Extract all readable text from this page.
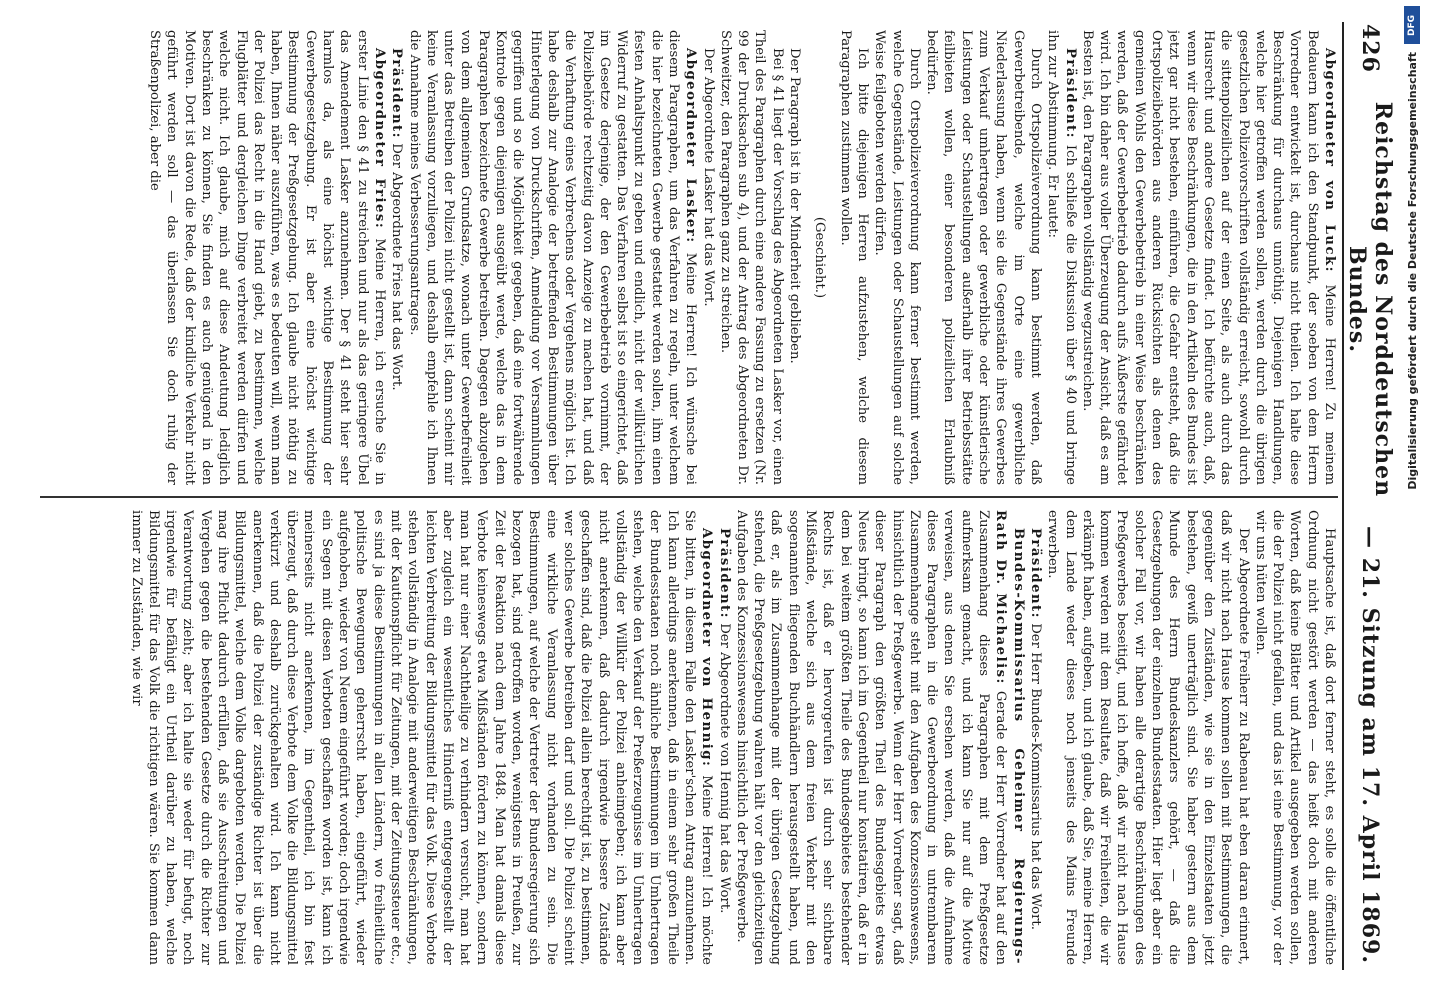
426
Reichstag des Norddeutschen Bundes.
— 21. Sitzung am 17. April 1869.

Abgeordneter von Luck: Meine Herren! Zu meinem Bedauern kann ich den Standpunkt, der soeben von dem Herrn Vorredner entwickelt ist, durchaus nicht theilen. Ich halte diese Beschränkung für durchaus unnöthig. Diejenigen Handlungen, welche hier getroffen werden sollen, werden durch die übrigen gesetzlichen Polizeivorschriften vollständig erreicht, sowohl durch die sittenpolizeilichen auf der einen Seite, als auch durch das Hausrecht und andere Gesetze findet. Ich befürchte auch, daß, wenn wir diese Beschränkungen, die in den Artikeln des Bundes ist jetzt gar nicht bestehen, einführen, die Gefahr entsteht, daß die Ortspolizeibehörden aus anderen Rücksichten als denen des gemeinen Wohls den Gewerbebetrieb in einer Weise beschränken werden, daß der Gewerbebetrieb dadurch aufs Äußerste gefährdet wird. Ich bin daher aus voller Überzeugung der Ansicht, daß es am Besten ist, den Paragraphen vollständig wegzustreichen.

Präsident: Ich schließe die Diskussion über § 40 und bringe ihn zur Abstimmung. Er lautet:

Durch Ortspolizeiverordnung kann bestimmt werden, daß Gewerbetreibende, welche im Orte eine gewerbliche Niederlassung haben, wenn sie die Gegenstände ihres Gewerbes zum Verkauf umhertragen oder gewerbliche oder künstlerische Leistungen oder Schaustellungen außerhalb ihrer Betriebsstätte feilbieten wollen, einer besonderen polizeilichen Erlaubniß bedürfen.

Durch Ortspolizeiverordnung kann ferner bestimmt werden, welche Gegenstände, Leistungen oder Schaustellungen auf solche Weise feilgeboten werden dürfen.

Ich bitte diejenigen Herren aufzustehen, welche diesem Paragraphen zustimmen wollen.

(Geschieht.)

Der Paragraph ist in der Minderheit geblieben.

Bei § 41 liegt der Vorschlag des Abgeordneten Lasker vor, einen Theil des Paragraphen durch eine andere Fassung zu ersetzen (Nr. 99 der Drucksachen sub 4), und der Antrag des Abgeordneten Dr. Schweitzer, den Paragraphen ganz zu streichen.

Der Abgeordnete Lasker hat das Wort.

Abgeordneter Lasker: Meine Herren! Ich wünsche bei diesem Paragraphen, um das Verfahren zu regeln, unter welchem die hier bezeichneten Gewerbe gestattet werden sollen, ihm einen festen Anhaltspunkt zu geben und endlich, nicht der willkürlichen Widerruf zu gestatten. Das Verfahren selbst ist so eingerichtet, daß im Gesetze derjenige, der den Gewerbebetrieb vornimmt, der Polizeibehörde rechtzeitig davon Anzeige zu machen hat, und daß die Verhaftung eines Verbrechens oder Vergehens möglich ist. Ich habe deshalb zur Analogie der betreffenden Bestimmungen über Hinterlegung von Druckschriften, Anmeldung vor Versammlungen gegriffen und so die Möglichkeit gegeben, daß eine fortwährende Kontrole gegen diejenigen ausgeübt werde, welche das in dem Paragraphen bezeichnete Gewerbe betreiben. Dagegen abzugehen von dem allgemeinen Grundsatze, wonach unter Gewerbefreiheit unter das Betreiben der Polizei nicht gestellt ist, dann scheint mir keine Veranlassung vorzuliegen, und deshalb empfehle ich Ihnen die Annahme meines Verbesserungsantrages.

Präsident: Der Abgeordnete Fries hat das Wort.

Abgeordneter Fries: Meine Herren, ich ersuche Sie in erster Linie den § 41 zu streichen und nur als das geringere Übel das Amendement Lasker anzunehmen. Der § 41 steht hier sehr harmlos da, als eine höchst wichtige Bestimmung der Gewerbegesetzgebung. Er ist aber eine höchst wichtige Bestimmung der Preßgesetzgebung. Ich glaube nicht nöthig zu haben, Ihnen näher auszuführen, was es bedeuten will, wenn man der Polizei das Recht in die Hand giebt, zu bestimmen, welche Flugblätter und dergleichen Dinge verbreitet werden dürfen und welche nicht. Ich glaube, mich auf diese Andeutung lediglich beschränken zu können, Sie finden es auch genügend in den Motiven. Dort ist davon die Rede, daß der kindliche Verkehr nicht geführt werden soll — das überlassen Sie doch ruhig der Straßenpolizei, aber die

Hauptsache ist, daß dort ferner steht, es solle die öffentliche Ordnung nicht gestört werden — das heißt doch mit anderen Worten, daß keine Blätter und Artikel ausgegeben werden sollen, die der Polizei nicht gefallen, und das ist eine Bestimmung, vor der wir uns hüten wollen.

Der Abgeordnete Freiherr zu Rabenau hat eben daran erinnert, daß wir nicht nach Hause kommen sollen mit Bestimmungen, die gegenüber den Zuständen, wie sie in den Einzelstaaten jetzt bestehen, gewiß unerträglich sind. Sie haber gestern aus dem Munde des Herrn Bundeskanzlers gehört, — daß die Gesetzgebungen der einzelnen Bundesstaaten. Hier liegt aber ein solcher Fall vor, wir haben alle derartige Beschränkungen des Preßgewerbes beseitigt, und ich hoffe, daß wir nicht nach Hause kommen werden mit dem Resultate, daß wir Freiheiten, die wir erkämpft haben, aufgeben, und ich glaube, daß Sie, meine Herren, dem Lande weder dieses noch jenseits des Mains Freunde erwerben.

Präsident: Der Herr Bundes-Kommissarius hat das Wort.

Bundes-Kommissarius Geheimer Regierungs-Rath Dr. Michaelis: Gerade der Herr Vorredner hat auf den Zusammenhang dieses Paragraphen mit dem Preßgesetze aufmerksam gemacht, und ich kann Sie nur auf die Motive verweisen, aus denen Sie ersehen werden, daß die Aufnahme dieses Paragraphen in die Gewerbeordnung in untrennbarem Zusammenhange steht mit den Aufgaben des Konzessionswesens, hinsichtlich der Preßgewerbe. Wenn der Herr Vorredner sagt, daß dieser Paragraph den größten Theil des Bundesgebiets etwas Neues bringt, so kann ich im Gegentheil nur konstatiren, daß er in dem bei weitem größten Theile des Bundesgebietes bestehender Rechts ist, daß er hervorgerufen ist durch sehr sichtbare Mißstände, welche sich aus dem freien Verkehr mit den sogenannten fliegenden Buchhändlern herausgestellt haben, und daß er, als im Zusammenhange mit der übrigen Gesetzgebung stehend, die Preßgesetzgebung wahren hält vor den gleichzeitigen Aufgaben des Konzessionswesens hinsichtlich der Preßgewerbe.

Präsident: Der Abgeordnete von Hennig hat das Wort.

Abgeordneter von Hennig: Meine Herren! Ich möchte Sie bitten, in diesem Falle den Lasker'schen Antrag anzunehmen. Ich kann allerdings anerkennen, daß in einem sehr großen Theile der Bundesstaaten noch ähnliche Bestimmungen im Umhertragen stehen, welche den Verkauf der Preßerzeugnisse im Umhertragen vollständig der Willkür der Polizei anheimgeben; ich kann aber nicht anerkennen, daß dadurch irgendwie bessere Zustände geschaffen sind, daß die Polizei allein berechtigt ist, zu bestimmen, wer solches Gewerbe betreiben darf und soll. Die Polizei scheint eine wirkliche Veranlassung nicht vorhanden zu sein. Die Bestimmungen, auf welche der Vertreter der Bundesregierung sich bezogen hat, sind getroffen worden, wenigstens in Preußen, zur Zeit der Reaktion nach dem Jahre 1848. Man hat damals diese Verbote keineswegs etwa Mißständen fördern zu können, sondern man hat nur einer Nachtheilige zu verhindern versucht, man hat aber zugleich ein wesentliches Hinderniß entgegengestellt der leichten Verbreitung der Bildungsmittel für das Volk. Diese Verbote stehen vollständig in Analogie mit anderweitigen Beschränkungen, mit der Kautionspflicht für Zeitungen, mit der Zeitungssteuer etc., es sind ja diese Bestimmungen in allen Ländern, wo freiheitliche politische Bewegungen geherrscht haben, eingeführt, wieder aufgehoben, wieder von Neuem eingeführt worden; doch irgendwie ein Segen mit diesen Verboten geschaffen worden ist, kann ich meinerseits nicht anerkennen, im Gegentheil, ich bin fest überzeugt, daß durch diese Verbote dem Volke die Bildungsmittel verkürzt und deshalb zurückgehalten wird. Ich kann nicht anerkennen, daß die Polizei der zuständige Richter ist über die Bildungsmittel, welche dem Volke dargeboten werden. Die Polizei mag ihre Pflicht dadurch erfüllen, daß sie Ausschreitungen und Vergehen gegen die bestehenden Gesetze durch die Richter zur Verantwortung zieht; aber ich halte sie weder für befugt, noch irgendwie für befähigt ein Urtheil darüber zu haben, welche Bildungsmittel für das Volk die richtigen wären. Sie kommen dann immer zu Zuständen, wie wir

DFG
Digitalisierung gefördert durch die Deutsche Forschungsgemeinschaft
